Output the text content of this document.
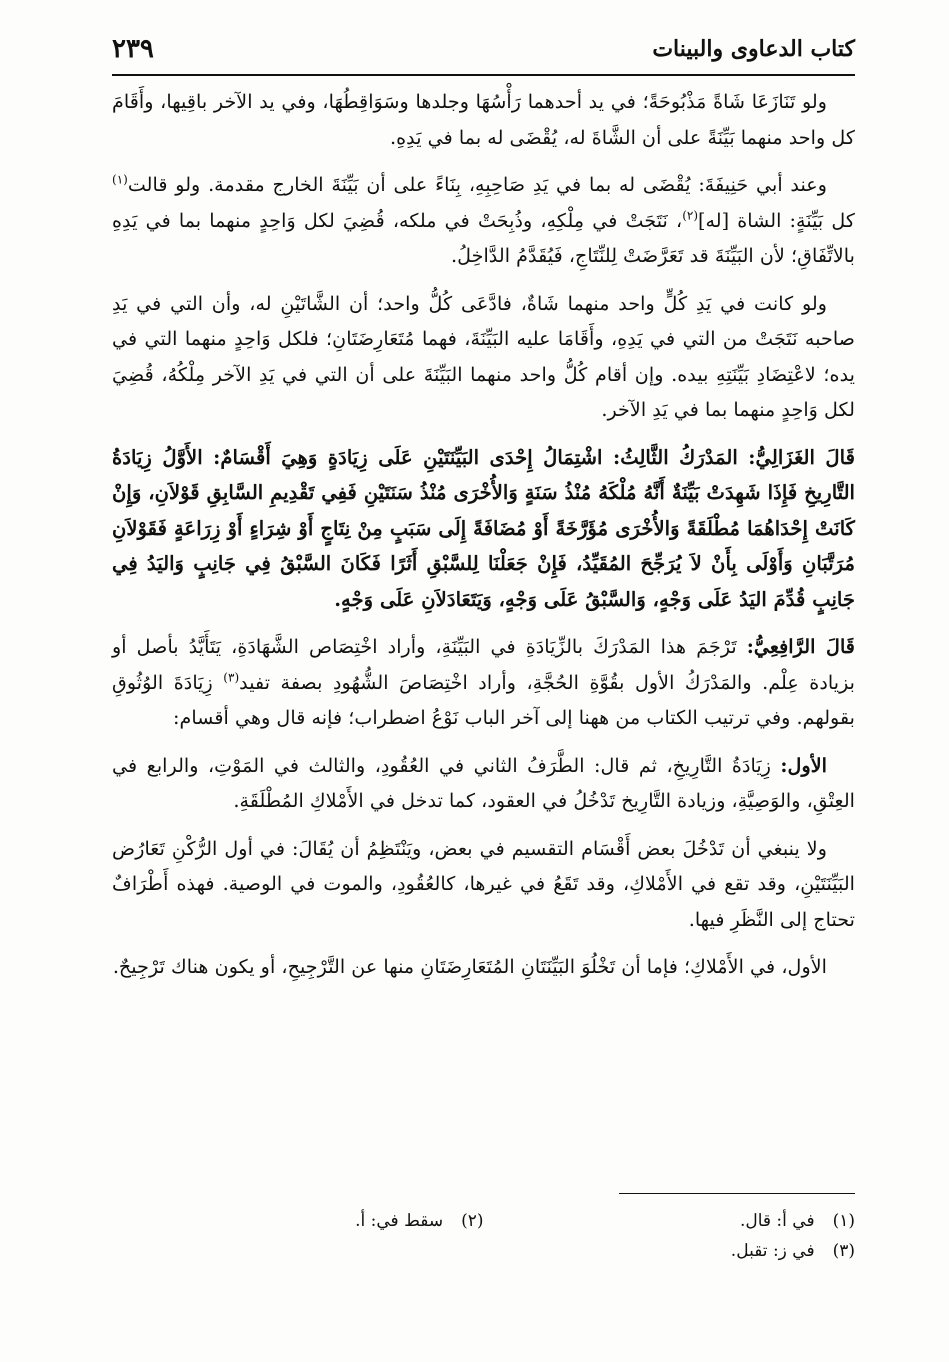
كتاب الدعاوى والبينات
٢٣٩

ولو تَنَازَعَا شَاةً مَذْبُوحَةً؛ في يد أحدهما رَأْسُهَا وجلدها وسَوَاقِطُهَا، وفي يد الآخر باقِيها، وأَقَامَ كل واحد منهما بَيِّنَةً على أن الشَّاةَ له، يُقْضَى له بما في يَدِهِ.

وعند أبي حَنِيفَةَ: يُقْضَى له بما في يَدِ صَاحِبِهِ، بِنَاءً على أن بَيِّنَةَ الخارج مقدمة. ولو قالت$^{(١)}$ كل بَيِّنَةٍ: الشاة [له]$^{(٢)}$، نَتَجَتْ في مِلْكِهِ، وذُبِحَتْ في ملكه، قُضِيَ لكل وَاحِدٍ منهما بما في يَدِهِ بالاتِّفَاقِ؛ لأن البَيِّنَةَ قد تَعَرَّضَتْ لِلنِّتَاجِ، فَيُقَدَّمُ الدَّاخِلُ.

ولو كانت في يَدِ كُلٍّ واحد منهما شَاةٌ، فادَّعَى كُلُّ واحد؛ أن الشَّاتَيْنِ له، وأن التي في يَدِ صاحبه نَتَجَتْ من التي في يَدِهِ، وأَقَامَا عليه البَيِّنَةَ، فهما مُتَعَارِضَتَانِ؛ فلكل وَاحِدٍ منهما التي في يده؛ لاعْتِضَادِ بَيِّنَتِهِ بيده. وإن أقام كُلُّ واحد منهما البَيِّنَةَ على أن التي في يَدِ الآخر مِلْكُهُ، قُضِيَ لكل وَاحِدٍ منهما بما في يَدِ الآخر.

قَالَ الغَزَالِيُّ: المَدْرَكُ الثَّالِثُ: اشْتِمَالُ إِحْدَى البَيِّنَتَيْنِ عَلَى زِيَادَةٍ وَهِيَ أَقْسَامٌ: الأَوَّلُ زِيَادَةُ التَّارِيخِ فَإِذَا شَهِدَتْ بَيِّنَةٌ أَنَّهُ مُلْكَهُ مُنْذُ سَنَةٍ وَالأُخْرَى مُنْذُ سَنَتَيْنِ فَفِي تَقْدِيمِ السَّابِقِ قَوْلاَنِ، وَإِنْ كَانَتْ إِحْدَاهُمَا مُطْلَقَةً وَالأُخْرَى مُؤَرَّخَةً أَوْ مُضَافَةً إِلَى سَبَبٍ مِنْ نِتَاجٍ أَوْ شِرَاءٍ أَوْ زِرَاعَةٍ فَقَوْلاَنِ مُرَتَّبَانِ وَأَوْلَى بِأَنْ لاَ يُرَجِّحَ المُقَيِّدُ، فَإِنْ جَعَلْنَا لِلسَّبْقِ أَثَرًا فَكَانَ السَّبْقُ فِي جَانِبٍ وَاليَدُ فِي جَانِبٍ قُدِّمَ اليَدُ عَلَى وَجْهٍ، وَالسَّبْقُ عَلَى وَجْهٍ، وَيَتَعَادَلاَنِ عَلَى وَجْهٍ.

قَالَ الرَّافِعِيُّ: تَرْجَمَ هذا المَدْرَكَ بالزِّيَادَةِ في البَيِّنَةِ، وأراد اخْتِصَاص الشَّهَادَةِ، يَتَأَيَّدُ بأصل أو بزيادة عِلْم. والمَدْرَكُ الأول بقُوَّةِ الحُجَّةِ، وأراد اخْتِصَاصَ الشُّهُودِ بصفة تفيد$^{(٣)}$ زِيَادَةَ الوُثُوقِ بقولهم. وفي ترتيب الكتاب من ههنا إلى آخر الباب نَوْعُ اضطراب؛ فإنه قال وهي أقسام:

الأول: زِيَادَةُ التَّارِيخِ، ثم قال: الطَّرَفُ الثاني في العُقُودِ، والثالث في المَوْتِ، والرابع في العِتْقِ، والوَصِيَّةِ، وزيادة التَّارِيخ تَدْخُلُ في العقود، كما تدخل في الأَمْلاكِ المُطْلَقَةِ.

ولا ينبغي أن تَدْخُلَ بعض أَقْسَام التقسيم في بعض، ويَنْتَظِمُ أن يُقَالَ: في أول الرُّكْنِ تَعَارُض البَيِّنَتَيْنِ، وقد تقع في الأَمْلاكِ، وقد تَقَعُ في غيرها، كالعُقُودِ، والموت في الوصية. فهذه أَطْرَافٌ تحتاج إلى النَّظَرِ فيها.

الأول، في الأَمْلاكِ؛ فإما أن تَخْلُوَ البَيِّنَتَانِ المُتَعَارِضَتَانِ منها عن التَّرْجِيحِ، أو يكون هناك تَرْجِيحٌ.

(١)في أ: قال.
(٢)سقط في: أ.
(٣)في ز: تقبل.
